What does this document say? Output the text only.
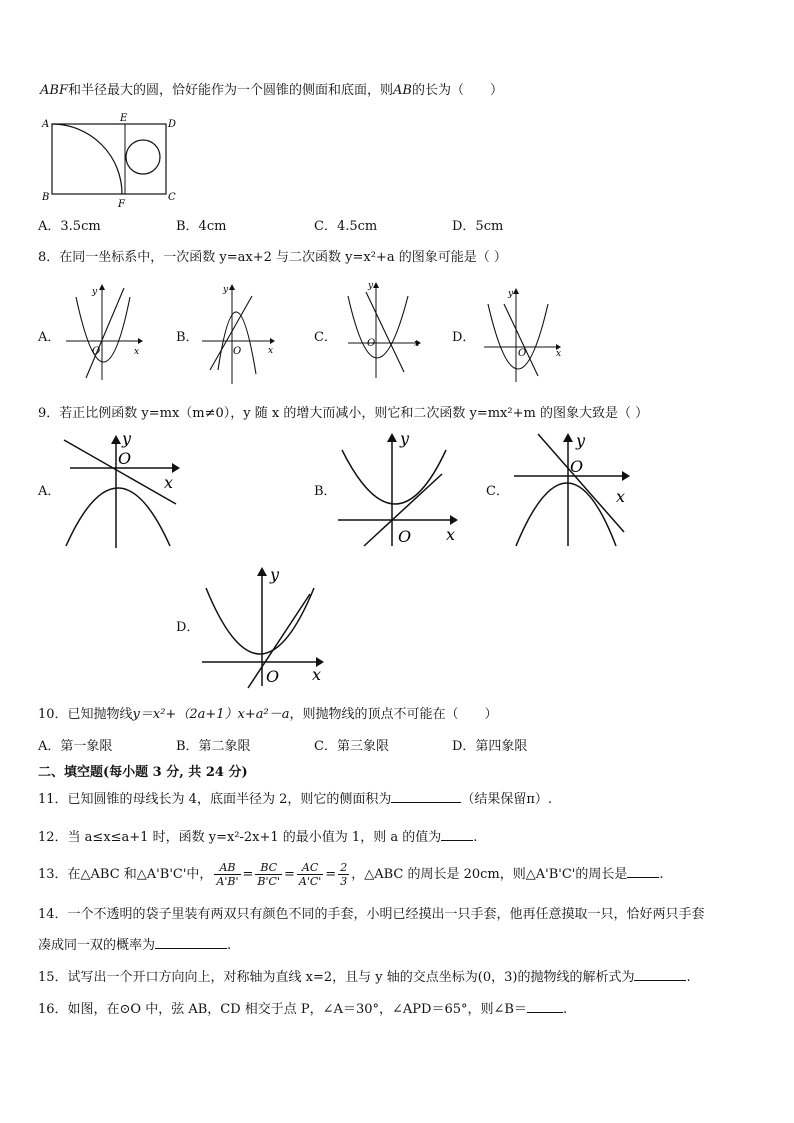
ABF和半径最大的圆，恰好能作为一个圆锥的侧面和底面，则AB的长为（　　）
A
E
D
B
F
C
A．3.5cm	B．4cm	C．4.5cm	D．5cm
8．在同一坐标系中，一次函数 y=ax+2 与二次函数 y=x²+a 的图象可能是（ ）
A．	B．	C．	D．
x
y
O	x
y
O
x
y
O
x
y
O
9．若正比例函数 y=mx（m≠0），y 随 x 的增大而减小，则它和二次函数 y=mx²+m 的图象大致是（ ）
A．	B．	C．
D．
x
y
O
x
y
O
x
y
O
x
y
O
10．已知抛物线y＝x²+（2a+1）x+a²－a，则抛物线的顶点不可能在（　　）
A．第一象限	B．第二象限	C．第三象限	D．第四象限
二、填空题(每小题 3 分, 共 24 分)
11．已知圆锥的母线长为 4，底面半径为 2，则它的侧面积为	（结果保留π）.
12．当 a≤x≤a+1 时，函数 y=x²-2x+1 的最小值为 1，则 a 的值为 .
13．在△ABC 和△A'B'C'中， $\frac{AB}{A'B'} = \frac{BC}{B'C'} = \frac{AC}{A'C'} = \frac{2}{3}$ ，△ABC 的周长是 20cm，则△A'B'C'的周长是 .
14．一个不透明的袋子里装有两双只有颜色不同的手套，小明已经摸出一只手套，他再任意摸取一只，恰好两只手套
凑成同一双的概率为	.
15．试写出一个开口方向向上，对称轴为直线 x=2，且与 y 轴的交点坐标为(0，3)的抛物线的解析式为	.
16．如图，在⊙O 中，弦 AB，CD 相交于点 P，∠A＝30°，∠APD＝65°，则∠B＝	.
